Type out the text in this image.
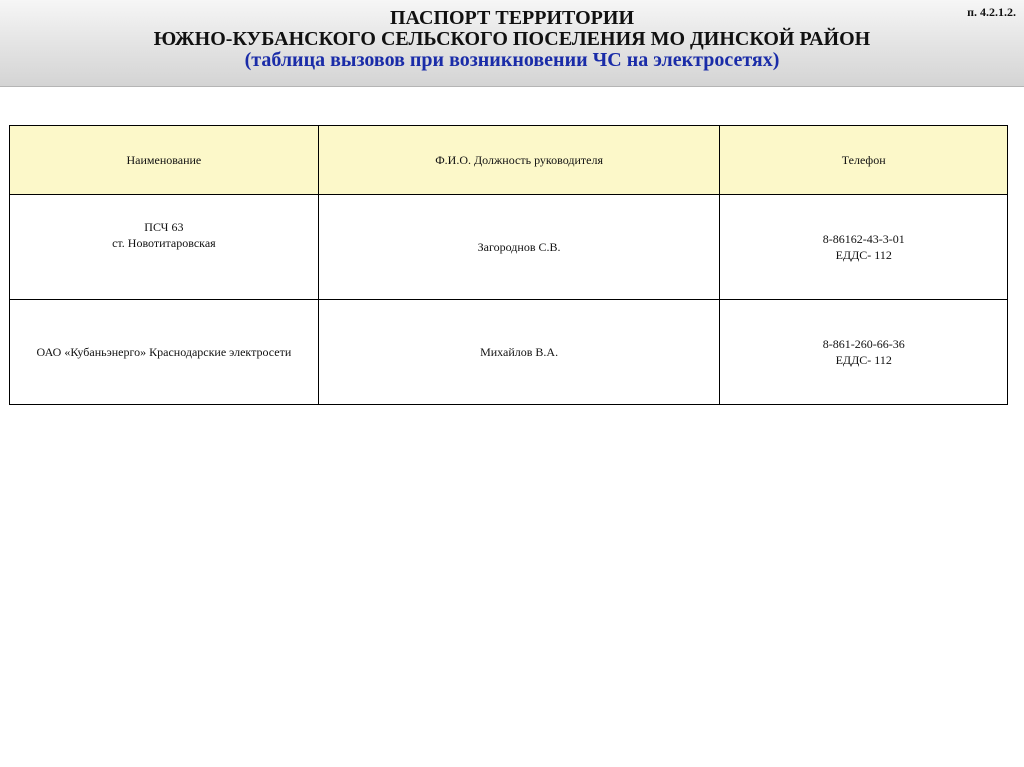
ПАСПОРТ ТЕРРИТОРИИ
ЮЖНО-КУБАНСКОГО СЕЛЬСКОГО ПОСЕЛЕНИЯ МО ДИНСКОЙ РАЙОН
(таблица вызовов при возникновении ЧС на электросетях)
п. 4.2.1.2.
Наименование	Ф.И.О. Должность руководителя	Телефон

ПСЧ 63
ст. Новотитаровская	Загороднов С.В.	8-86162-43-3-01
ЕДДС- 112

ОАО «Кубаньэнерго» Краснодарские электросети	Михайлов В.А.	8-861-260-66-36
ЕДДС- 112
